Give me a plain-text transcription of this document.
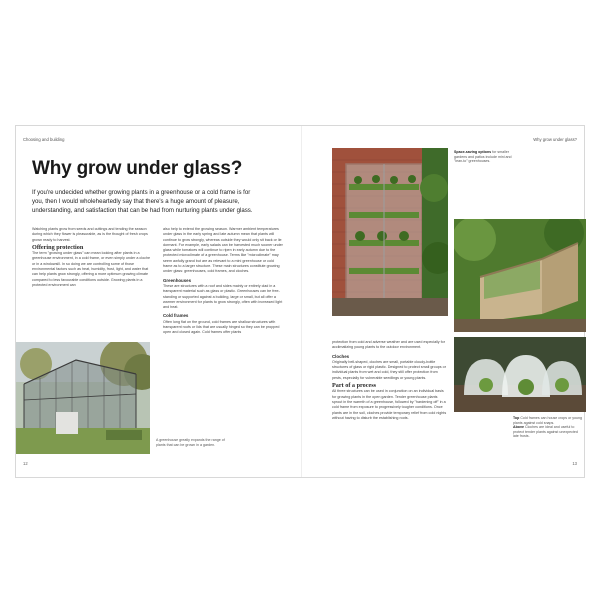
Choosing and building	Why grow under glass?
Why grow under glass?
If you're undecided whether growing plants in a greenhouse or a cold frame is for you, then I would wholeheartedly say that there's a huge amount of pleasure, understanding, and satisfaction that can be had from nurturing plants under glass.
Watching plants grow from seeds and cuttings and tending the season during which they flower is pleasurable, as is the thought of fresh crops grown ready to harvest.
Offering protection
The term "growing under glass" can mean looking after plants in a greenhouse environment, in a cold frame, or even simply under a cloche or in a windowsill. In so doing we are controlling some of those environmental factors such as heat, humidity, frost, light, and water that can help plants grow strongly, offering a more optimum growing climate compared to less favourable conditions outside. Growing plants in a protected environment can
also help to extend the growing season. Warmer ambient temperatures under glass in the early spring and late autumn mean that plants will continue to grow strongly, whereas outside they would only sit back or lie dormant. For example, early salads can be harvested much sooner under glass while tomatoes will continue to ripen in early autumn due to the protected microclimate of a greenhouse. Terms like "microclimate" may seem awfully grand but are as relevant to a mini greenhouse or cold frame as to a larger structure. These main structures constitute growing under glass: greenhouses, cold frames, and cloches.
Greenhouses
These are structures with a roof and sides mainly or entirely clad in a transparent material such as glass or plastic. Greenhouses can be free-standing or supported against a building, large or small, but all offer a warmer environment for plants to grow strongly, often with increased light and heat.
Cold frames
Often long flat on the ground, cold frames are shallow structures with transparent roofs or lids that are usually hinged so they can be propped open and closed again. Cold frames offer plants
A greenhouse greatly expands the range of plants that can be grown in a garden.
12
Space-saving options for smaller gardens and patios include mini and "lean-to" greenhouses.
protection from cold and adverse weather and are used especially for acclimatizing young plants to the outdoor environment.
Cloches
Originally bell-shaped, cloches are small, portable cloudy-bottle structures of glass or rigid plastic. Designed to protect small groups or individual plants from wet and cold, they still offer protection from pests, especially for vulnerable seedlings or young plants.
Part of a process
All three structures can be used in conjunction on an individual basis for growing plants in the open garden. Tender greenhouse plants sprout in the warmth of a greenhouse, followed by "hardening off" in a cold frame from exposure to progressively tougher conditions. Once plants are in the soil, cloches provide temporary relief from cold nights without having to disturb the establishing roots.	Top Cold frames can house crops or young plants against cold snaps.
Above Cloches are ideal and useful to protect tender plants against unexpected late frosts.
13
